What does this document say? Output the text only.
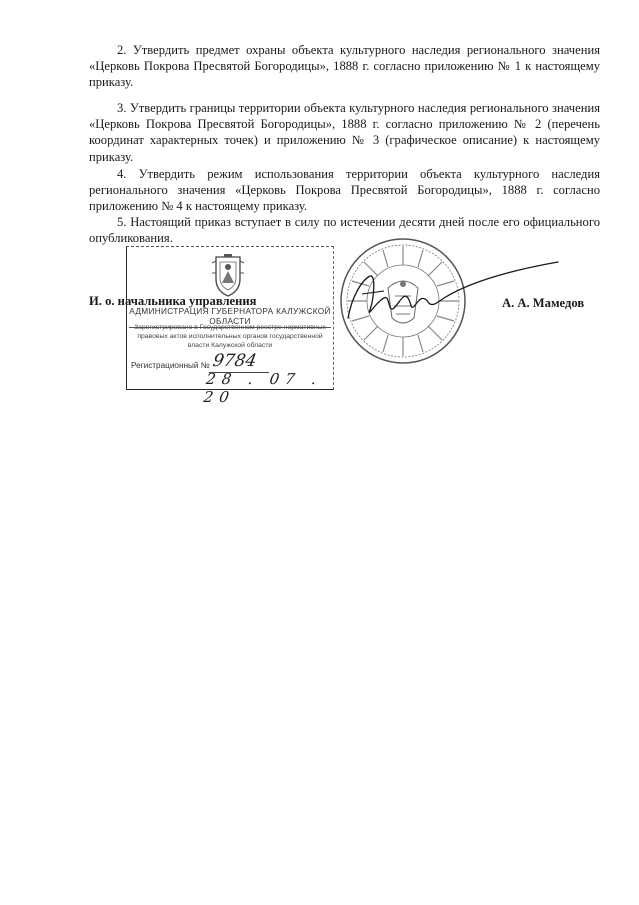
2. Утвердить предмет охраны объекта культурного наследия регионального значения «Церковь Покрова Пресвятой Богородицы», 1888 г. согласно приложению № 1 к настоящему приказу.
3. Утвердить границы территории объекта культурного наследия регионального значения «Церковь Покрова Пресвятой Богородицы», 1888 г. согласно приложению № 2 (перечень координат характерных точек) и приложению № 3 (графическое описание) к настоящему приказу.
4. Утвердить режим использования территории объекта культурного наследия регионального значения «Церковь Покрова Пресвятой Богородицы», 1888 г. согласно приложению № 4 к настоящему приказу.
5. Настоящий приказ вступает в силу по истечении десяти дней после его официального опубликования.
АДМИНИСТРАЦИЯ ГУБЕРНАТОРА КАЛУЖСКОЙ ОБЛАСТИ
Зарегистрировано в Государственном реестре нормативных правовых актов исполнительных органов государственной власти Калужской области
Регистрационный № 9784
28 . 07 . 20
И. о. начальника управления	А. А. Мамедов
